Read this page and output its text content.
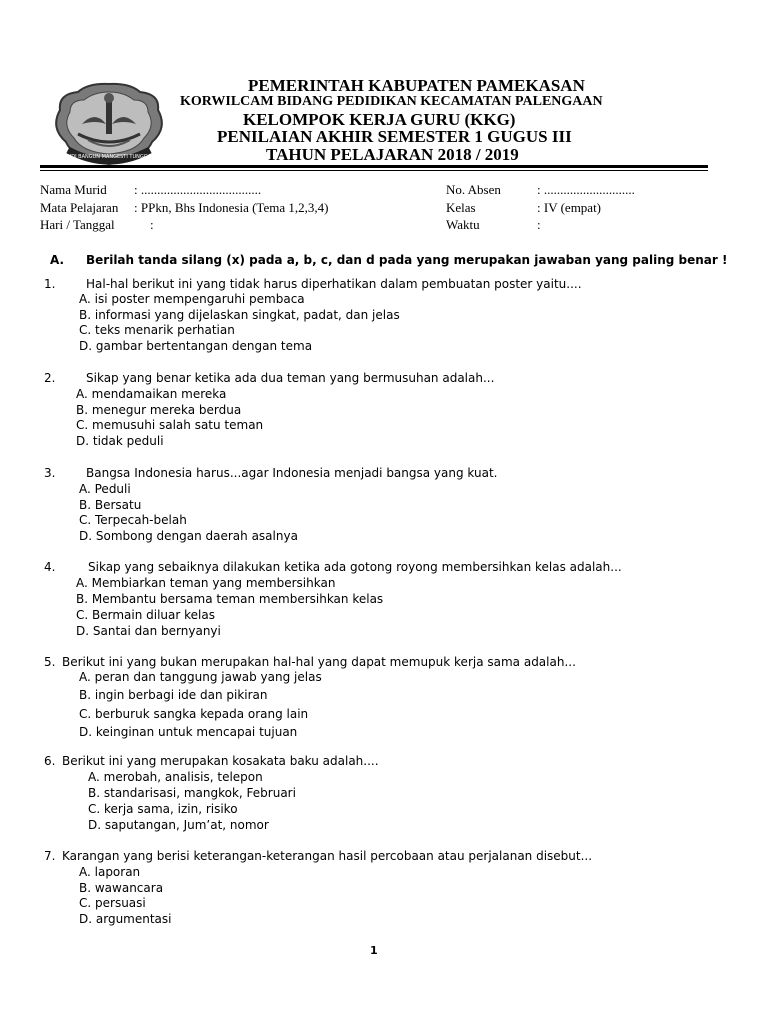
BUDI BANGUN MANGESTI TUNGGAL
PEMERINTAH KABUPATEN PAMEKASAN
KORWILCAM BIDANG PEDIDIKAN KECAMATAN PALENGAAN
KELOMPOK KERJA GURU (KKG)
PENILAIAN AKHIR SEMESTER 1 GUGUS III
TAHUN PELAJARAN 2018 / 2019
Nama Murid : .....................................	No. Absen	: ............................
Mata Pelajaran : PPkn, Bhs Indonesia (Tema 1,2,3,4)	Kelas	: IV (empat)
Hari / Tanggal	:	Waktu	:
A. Berilah tanda silang (x) pada a, b, c, dan d pada yang merupakan jawaban yang paling benar !
1.	Hal-hal berikut ini yang tidak harus diperhatikan dalam pembuatan poster yaitu....
A. isi poster mempengaruhi pembaca
B. informasi yang dijelaskan singkat, padat, dan jelas
C. teks menarik perhatian
D. gambar bertentangan dengan tema
2.	Sikap yang benar ketika ada dua teman yang bermusuhan adalah...
A. mendamaikan mereka
B. menegur mereka berdua
C. memusuhi salah satu teman
D. tidak peduli
3.	Bangsa Indonesia harus...agar Indonesia menjadi bangsa yang kuat.
A. Peduli
B. Bersatu
C. Terpecah-belah
D. Sombong dengan daerah asalnya
4.	Sikap yang sebaiknya dilakukan ketika ada gotong royong membersihkan kelas adalah...
A. Membiarkan teman yang membersihkan
B. Membantu bersama teman membersihkan kelas
C. Bermain diluar kelas
D. Santai dan bernyanyi
5. Berikut ini yang bukan merupakan hal-hal yang dapat memupuk kerja sama adalah...
A. peran dan tanggung jawab yang jelas
B. ingin berbagi ide dan pikiran
C. berburuk sangka kepada orang lain
D. keinginan untuk mencapai tujuan
6. Berikut ini yang merupakan kosakata baku adalah....
A. merobah, analisis, telepon
B. standarisasi, mangkok, Februari
C. kerja sama, izin, risiko
D. saputangan, Jum’at, nomor
7. Karangan yang berisi keterangan-keterangan hasil percobaan atau perjalanan disebut...
A. laporan
B. wawancara
C. persuasi
D. argumentasi
1
